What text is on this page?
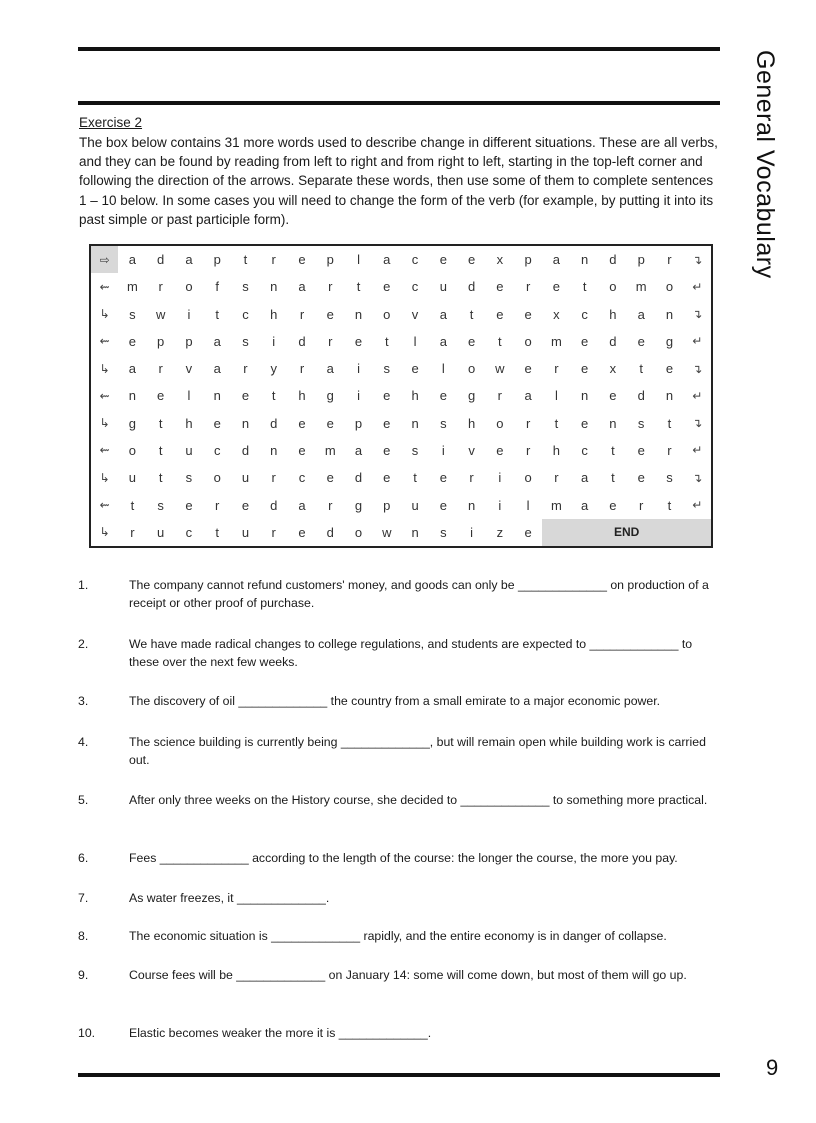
General Vocabulary
Exercise 2

The box below contains 31 more words used to describe change in different situations. These are all verbs, and they can be found by reading from left to right and from right to left, starting in the top-left corner and following the direction of the arrows. Separate these words, then use some of them to complete sentences 1 – 10 below. In some cases you will need to change the form of the verb (for example, by putting it into its past simple or past participle form).

⇨	a	d	a	p	t	r	e	p	l	a	c	e	e	x	p	a	n	d	p	r	↴
⇜	m	r	o	f	s	n	a	r	t	e	c	u	d	e	r	e	t	o	m	o	↵
↳	s	w	i	t	c	h	r	e	n	o	v	a	t	e	e	x	c	h	a	n	↴
⇜	e	p	p	a	s	i	d	r	e	t	l	a	e	t	o	m	e	d	e	g	↵
↳	a	r	v	a	r	y	r	a	i	s	e	l	o	w	e	r	e	x	t	e	↴
⇜	n	e	l	n	e	t	h	g	i	e	h	e	g	r	a	l	n	e	d	n	↵
↳	g	t	h	e	n	d	e	e	p	e	n	s	h	o	r	t	e	n	s	t	↴
⇜	o	t	u	c	d	n	e	m	a	e	s	i	v	e	r	h	c	t	e	r	↵
↳	u	t	s	o	u	r	c	e	d	e	t	e	r	i	o	r	a	t	e	s	↴
⇜	t	s	e	r	e	d	a	r	g	p	u	e	n	i	l	m	a	e	r	t	↵
↳	r	u	c	t	u	r	e	d	o	w	n	s	i	z	e	END					
1.	The company cannot refund customers' money, and goods can only be _____________ on production of a receipt or other proof of purchase.
2.	We have made radical changes to college regulations, and students are expected to _____________ to these over the next few weeks.
3.	The discovery of oil _____________ the country from a small emirate to a major economic power.
4.	The science building is currently being _____________, but will remain open while building work is carried out.
5.	After only three weeks on the History course, she decided to _____________ to something more practical.
6.	Fees _____________ according to the length of the course: the longer the course, the more you pay.
7.	As water freezes, it _____________.
8.	The economic situation is _____________ rapidly, and the entire economy is in danger of collapse.
9.	Course fees will be _____________ on January 14: some will come down, but most of them will go up.
10.	Elastic becomes weaker the more it is _____________.
9
